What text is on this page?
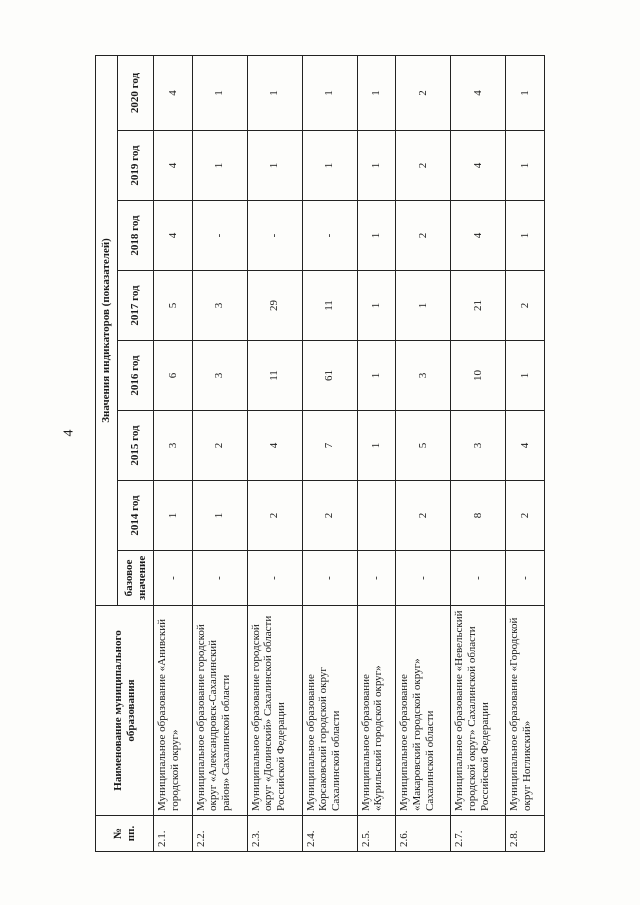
4
№ пп.	Наименование муниципального образования	Значения индикаторов (показателей)							
		базовое значение	2014 год	2015 год	2016 год	2017 год	2018 год	2019 год	2020 год
2.1.	Муниципальное образование «Анивский городской округ»	-	1	3	6	5	4	4	4
2.2.	Муниципальное образование городской округ «Александровск-Сахалинский район» Сахалинской области	-	1	2	3	3	-	1	1
2.3.	Муниципальное образование городской округ «Долинский» Сахалинской области Российской Федерации	-	2	4	11	29	-	1	1
2.4.	Муниципальное образование Корсаковский городской округ Сахалинской области	-	2	7	61	11	-	1	1
2.5.	Муниципальное образование «Курильский городской округ»	-		1	1	1	1	1	1
2.6.	Муниципальное образование «Макаровский городской округ» Сахалинской области	-	2	5	3	1	2	2	2
2.7.	Муниципальное образование «Невельский городской округ» Сахалинской области Российской Федерации	-	8	3	10	21	4	4	4
2.8.	Муниципальное образование «Городской округ Ногликский»	-	2	4	1	2	1	1	1
